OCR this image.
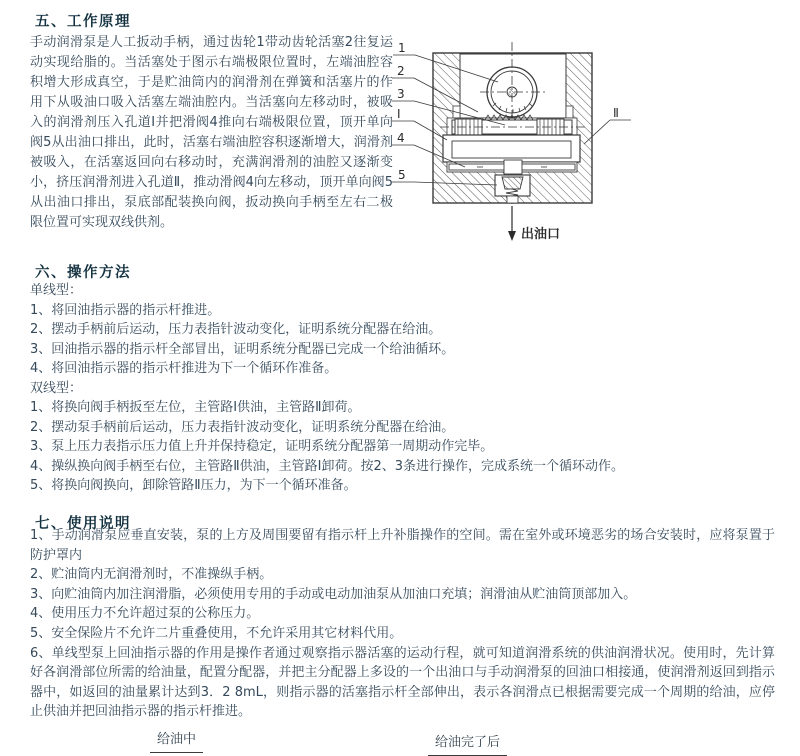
五、工作原理
手动润滑泵是人工扳动手柄，通过齿轮1带动齿轮活塞2往复运动实现给脂的。当活塞处于图示右端极限位置时，左端油腔容积增大形成真空，于是贮油筒内的润滑剂在弹簧和活塞片的作用下从吸油口吸入活塞左端油腔内。当活塞向左移动时，被吸入的润滑剂压入孔道Ⅰ并把滑阀4推向右端极限位置，顶开单向阀5从出油口排出，此时，活塞右端油腔容积逐渐增大，润滑剂被吸入，在活塞返回向右移动时，充满润滑剂的油腔又逐渐变小，挤压润滑剂进入孔道Ⅱ，推动滑阀4向左移动，顶开单向阀5从出油口排出，泵底部配装换向阀，扳动换向手柄至左右二极限位置可实现双线供剂。
1
2
3
Ⅰ
4
5
Ⅱ
出油口
六、操作方法
单线型：
1、将回油指示器的指示杆推进。
2、摆动手柄前后运动，压力表指针波动变化，证明系统分配器在给油。
3、回油指示器的指示杆全部冒出，证明系统分配器已完成一个给油循环。
4、将回油指示器的指示杆推进为下一个循环作准备。
双线型：
1、将换向阀手柄扳至左位，主管路Ⅰ供油，主管路Ⅱ卸荷。
2、摆动泵手柄前后运动，压力表指针波动变化，证明系统分配器在给油。
3、泵上压力表指示压力值上升并保持稳定，证明系统分配器第一周期动作完毕。
4、操纵换向阀手柄至右位，主管路Ⅱ供油，主管路Ⅰ卸荷。按2、3条进行操作，完成系统一个循环动作。
5、将换向阀换向，卸除管路Ⅱ压力，为下一个循环准备。
七、使用说明
1、手动润滑泵应垂直安装，泵的上方及周围要留有指示杆上升补脂操作的空间。需在室外或环境恶劣的场合安装时，应将泵置于防护罩内
2、贮油筒内无润滑剂时，不准操纵手柄。
3、向贮油筒内加注润滑脂，必须使用专用的手动或电动加油泵从加油口充填；润滑油从贮油筒顶部加入。
4、使用压力不允许超过泵的公称压力。
5、安全保险片不允许二片重叠使用，不允许采用其它材料代用。
6、单线型泵上回油指示器的作用是操作者通过观察指示器活塞的运动行程，就可知道润滑系统的供油润滑状况。使用时，先计算好各润滑部位所需的给油量，配置分配器，并把主分配器上多设的一个出油口与手动润滑泵的回油口相接通，使润滑剂返回到指示器中，如返回的油量累计达到3．2 8mL，则指示器的活塞指示杆全部伸出，表示各润滑点已根据需要完成一个周期的给油，应停止供油并把回油指示器的指示杆推进。
给油中	给油完了后
